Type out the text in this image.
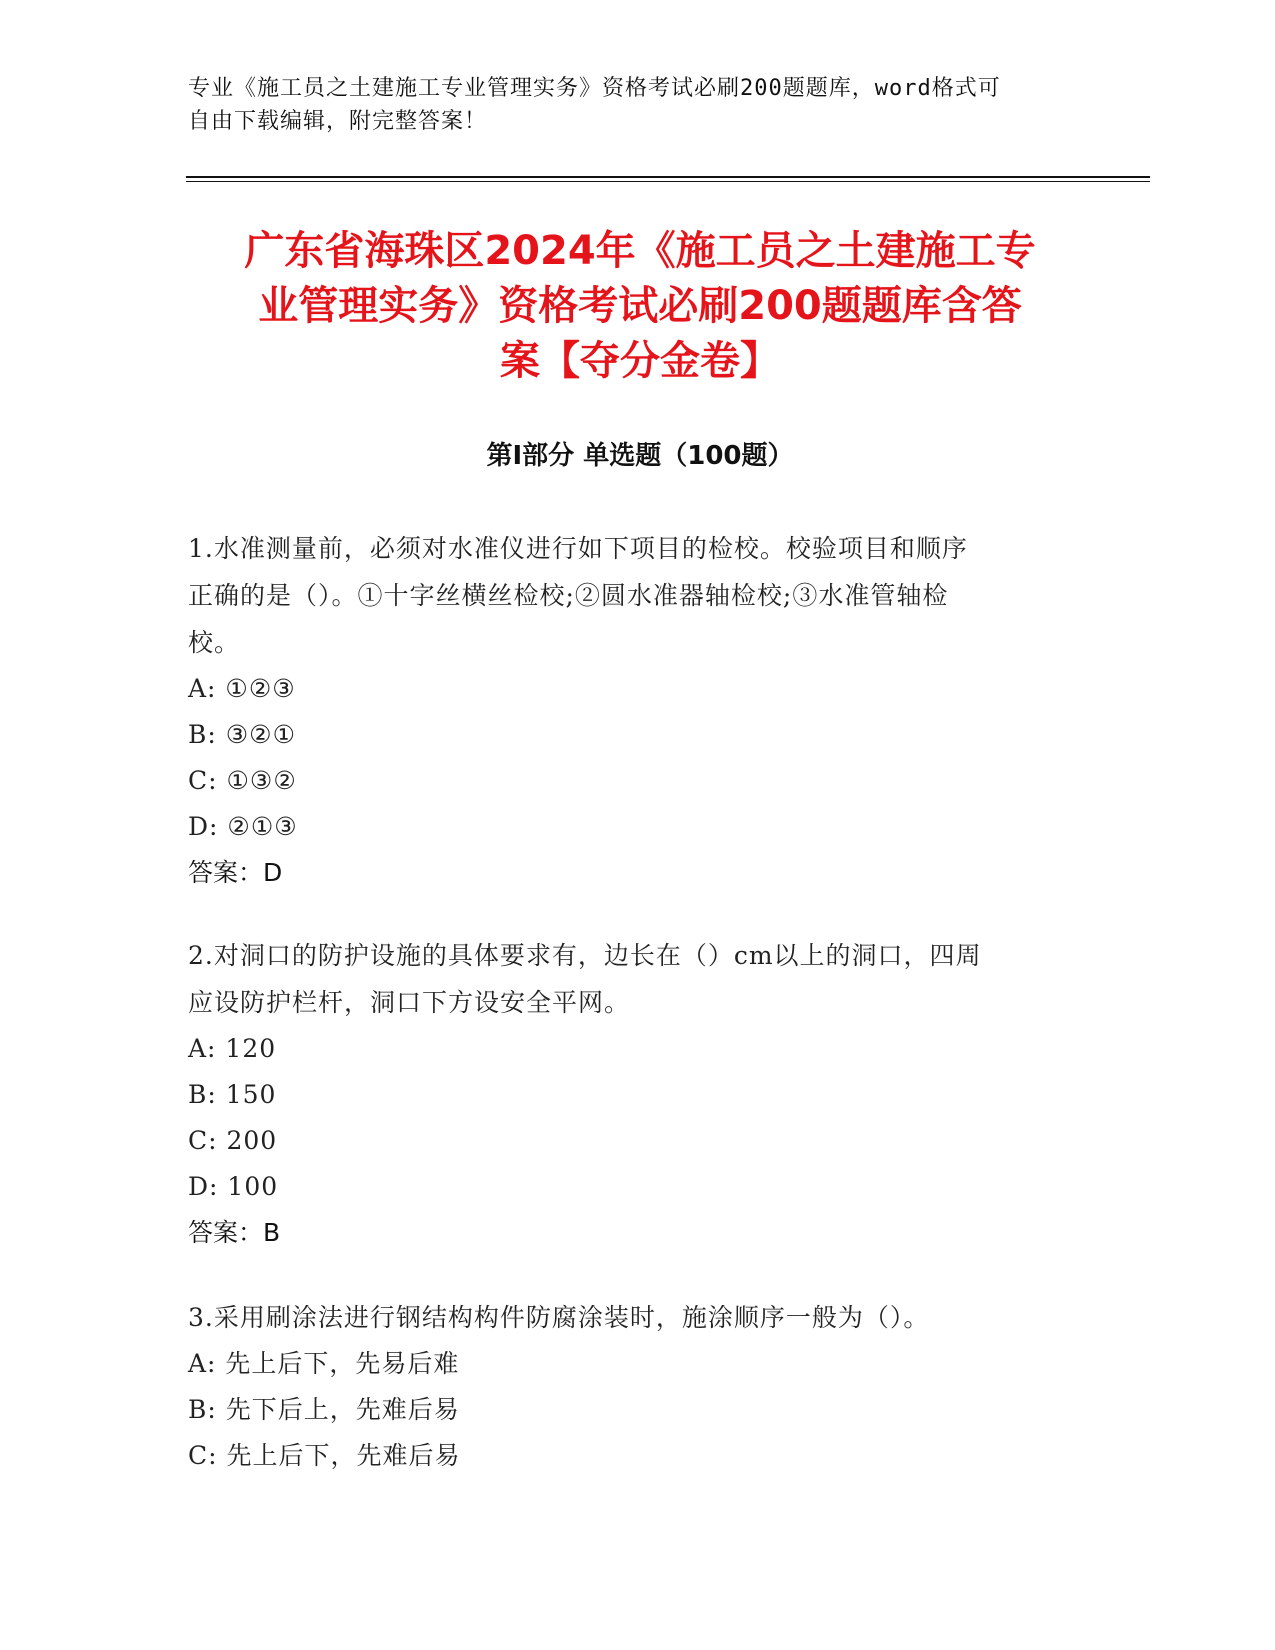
专业《施工员之土建施工专业管理实务》资格考试必刷200题题库，word格式可
自由下载编辑，附完整答案！
广东省海珠区2024年《施工员之土建施工专
业管理实务》资格考试必刷200题题库含答
案【夺分金卷】
第Ⅰ部分 单选题（100题）
1.水准测量前，必须对水准仪进行如下项目的检校。校验项目和顺序
正确的是（）。①十字丝横丝检校;②圆水准器轴检校;③水准管轴检
校。
A: ①②③
B: ③②①
C: ①③②
D: ②①③
答案：D
2.对洞口的防护设施的具体要求有，边长在（）cm以上的洞口，四周
应设防护栏杆，洞口下方设安全平网。
A: 120
B: 150
C: 200
D: 100
答案：B
3.采用刷涂法进行钢结构构件防腐涂装时，施涂顺序一般为（）。
A: 先上后下，先易后难
B: 先下后上，先难后易
C: 先上后下，先难后易
